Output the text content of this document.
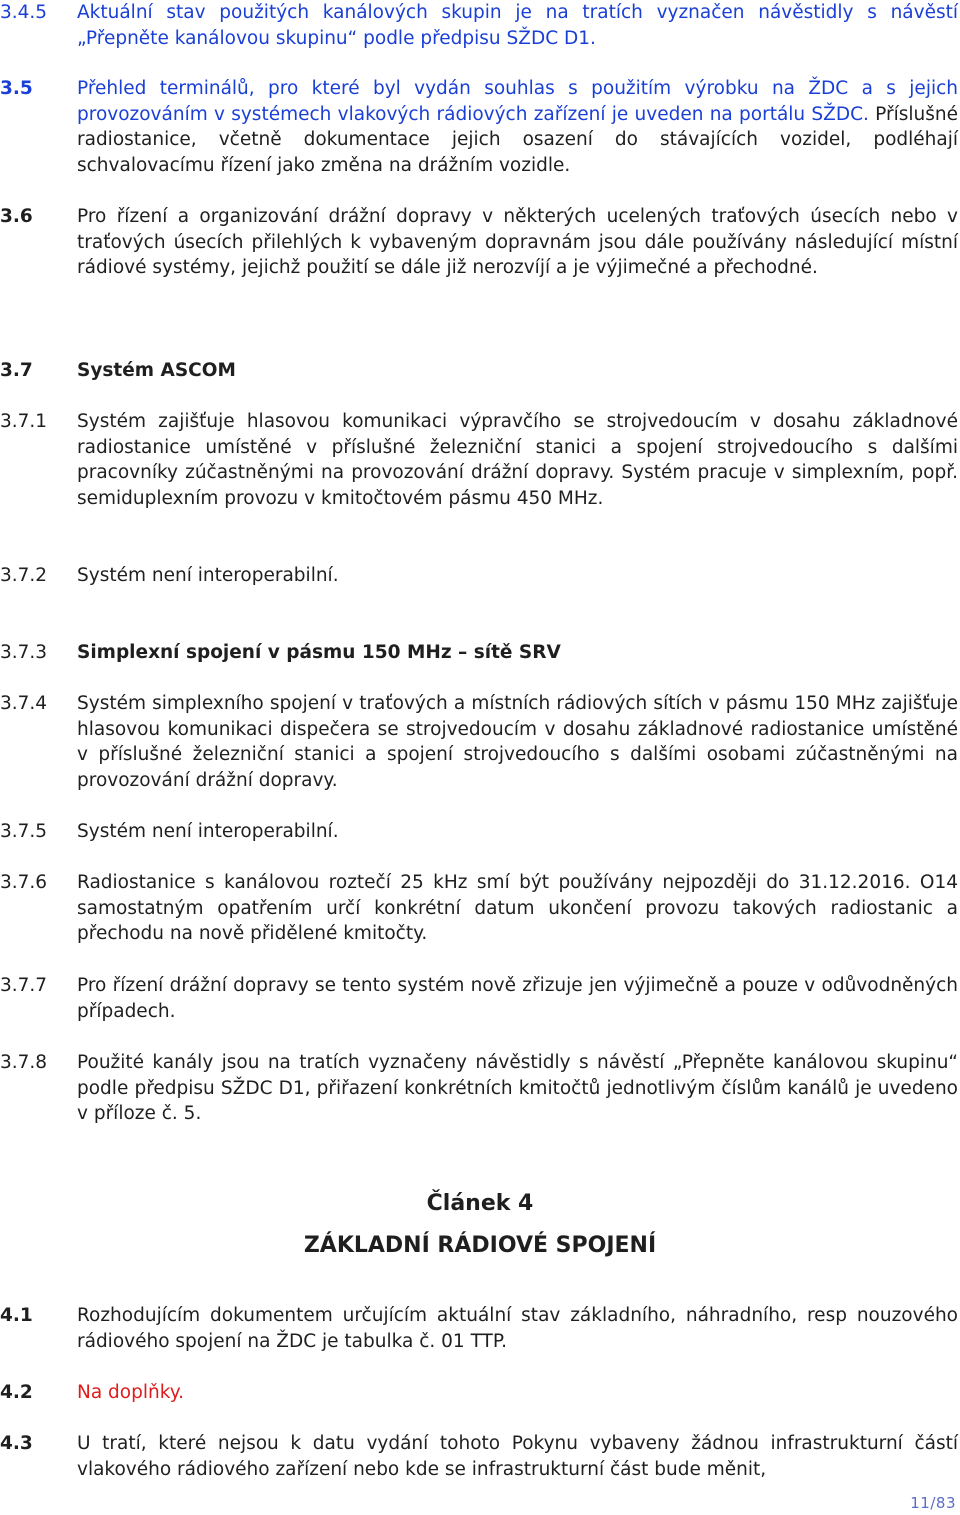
3.4.5	Aktuální stav použitých kanálových skupin je na tratích vyznačen návěstidly s návěstí „Přepněte kanálovou skupinu“ podle předpisu SŽDC D1.

3.5	Přehled terminálů, pro které byl vydán souhlas s použitím výrobku na ŽDC a s jejich provozováním v systémech vlakových rádiových zařízení je uveden na portálu SŽDC. Příslušné radiostanice, včetně dokumentace jejich osazení do stávajících vozidel, podléhají schvalovacímu řízení jako změna na drážním vozidle.

3.6	Pro řízení a organizování drážní dopravy v některých ucelených traťových úsecích nebo v traťových úsecích přilehlých k vybaveným dopravnám jsou dále používány následující místní rádiové systémy, jejichž použití se dále již nerozvíjí a je výjimečné a přechodné.

3.7	Systém ASCOM

3.7.1	Systém zajišťuje hlasovou komunikaci výpravčího se strojvedoucím v dosahu základnové radiostanice umístěné v příslušné železniční stanici a spojení strojvedoucího s dalšími pracovníky zúčastněnými na provozování drážní dopravy. Systém pracuje v simplexním, popř. semiduplexním provozu v kmitočtovém pásmu 450 MHz.

3.7.2	Systém není interoperabilní.

3.7.3	Simplexní spojení v pásmu 150 MHz – sítě SRV

3.7.4	Systém simplexního spojení v traťových a místních rádiových sítích v pásmu 150 MHz zajišťuje hlasovou komunikaci dispečera se strojvedoucím v dosahu základnové radiostanice umístěné v příslušné železniční stanici a spojení strojvedoucího s dalšími osobami zúčastněnými na provozování drážní dopravy.

3.7.5	Systém není interoperabilní.

3.7.6	Radiostanice s kanálovou roztečí 25 kHz smí být používány nejpozději do 31.12.2016. O14 samostatným opatřením určí konkrétní datum ukončení provozu takových radiostanic a přechodu na nově přidělené kmitočty.

3.7.7	Pro řízení drážní dopravy se tento systém nově zřizuje jen výjimečně a pouze v odůvodněných případech.

3.7.8	Použité kanály jsou na tratích vyznačeny návěstidly s návěstí „Přepněte kanálovou skupinu“ podle předpisu SŽDC D1, přiřazení konkrétních kmitočtů jednotlivým číslům kanálů je uvedeno v příloze č. 5.

Článek 4
ZÁKLADNÍ RÁDIOVÉ SPOJENÍ
4.1	Rozhodujícím dokumentem určujícím aktuální stav základního, náhradního, resp nouzového rádiového spojení na ŽDC je tabulka č. 01 TTP.

4.2	Na doplňky.

4.3	U tratí, které nejsou k datu vydání tohoto Pokynu vybaveny žádnou infrastrukturní částí vlakového rádiového zařízení nebo kde se infrastrukturní část bude měnit,

11/83
